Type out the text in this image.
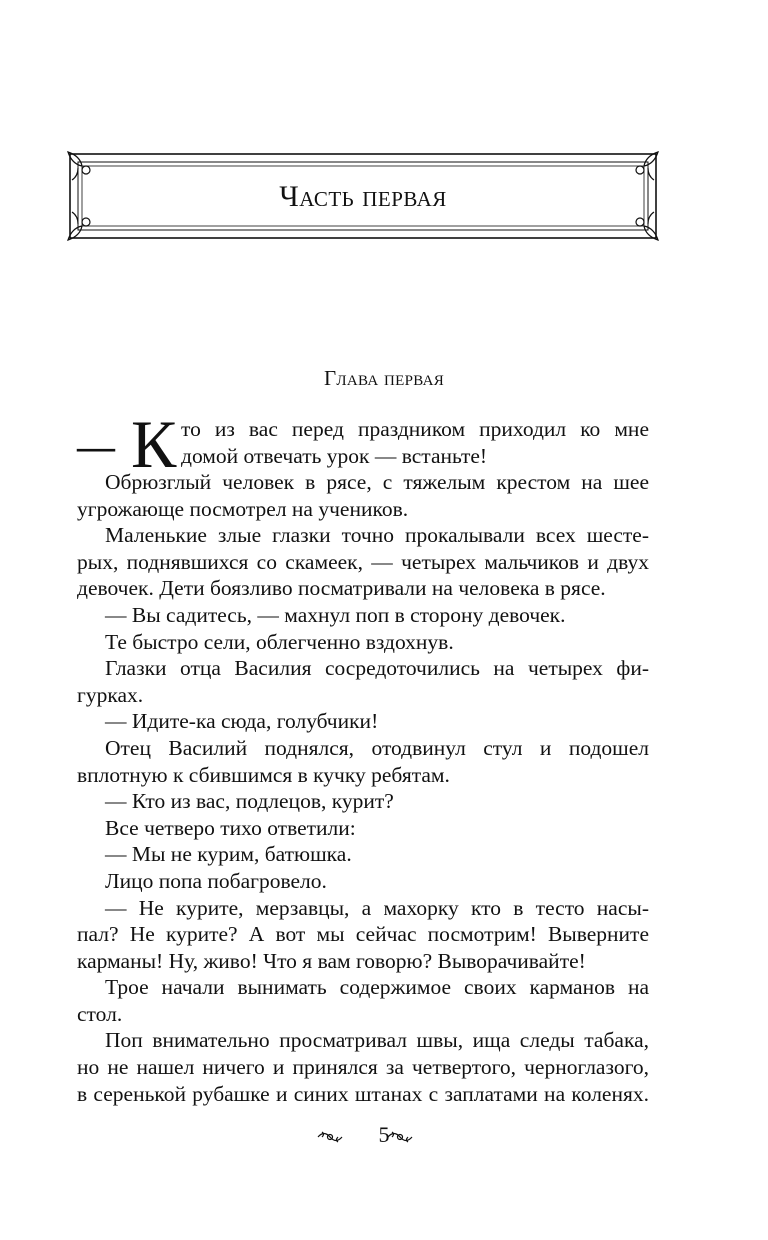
Часть первая
Глава первая
— К то из вас перед праздником приходил ко мне
домой отвечать урок — встаньте!
Обрюзглый человек в рясе, с тяжелым крестом на шее
угрожающе посмотрел на учеников.
Маленькие злые глазки точно прокалывали всех шесте-
рых, поднявшихся со скамеек, — четырех мальчиков и двух
девочек. Дети боязливо посматривали на человека в рясе.
— Вы садитесь, — махнул поп в сторону девочек.
Те быстро сели, облегченно вздохнув.
Глазки отца Василия сосредоточились на четырех фи-
гурках.
— Идите-ка сюда, голубчики!
Отец Василий поднялся, отодвинул стул и подошел
вплотную к сбившимся в кучку ребятам.
— Кто из вас, подлецов, курит?
Все четверо тихо ответили:
— Мы не курим, батюшка.
Лицо попа побагровело.
— Не курите, мерзавцы, а махорку кто в тесто насы-
пал? Не курите? А вот мы сейчас посмотрим! Выверните
карманы! Ну, живо! Что я вам говорю? Выворачивайте!
Трое начали вынимать содержимое своих карманов на
стол.
Поп внимательно просматривал швы, ища следы табака,
но не нашел ничего и принялся за четвертого, черноглазого,
в серенькой рубашке и синих штанах с заплатами на коленях.
5
